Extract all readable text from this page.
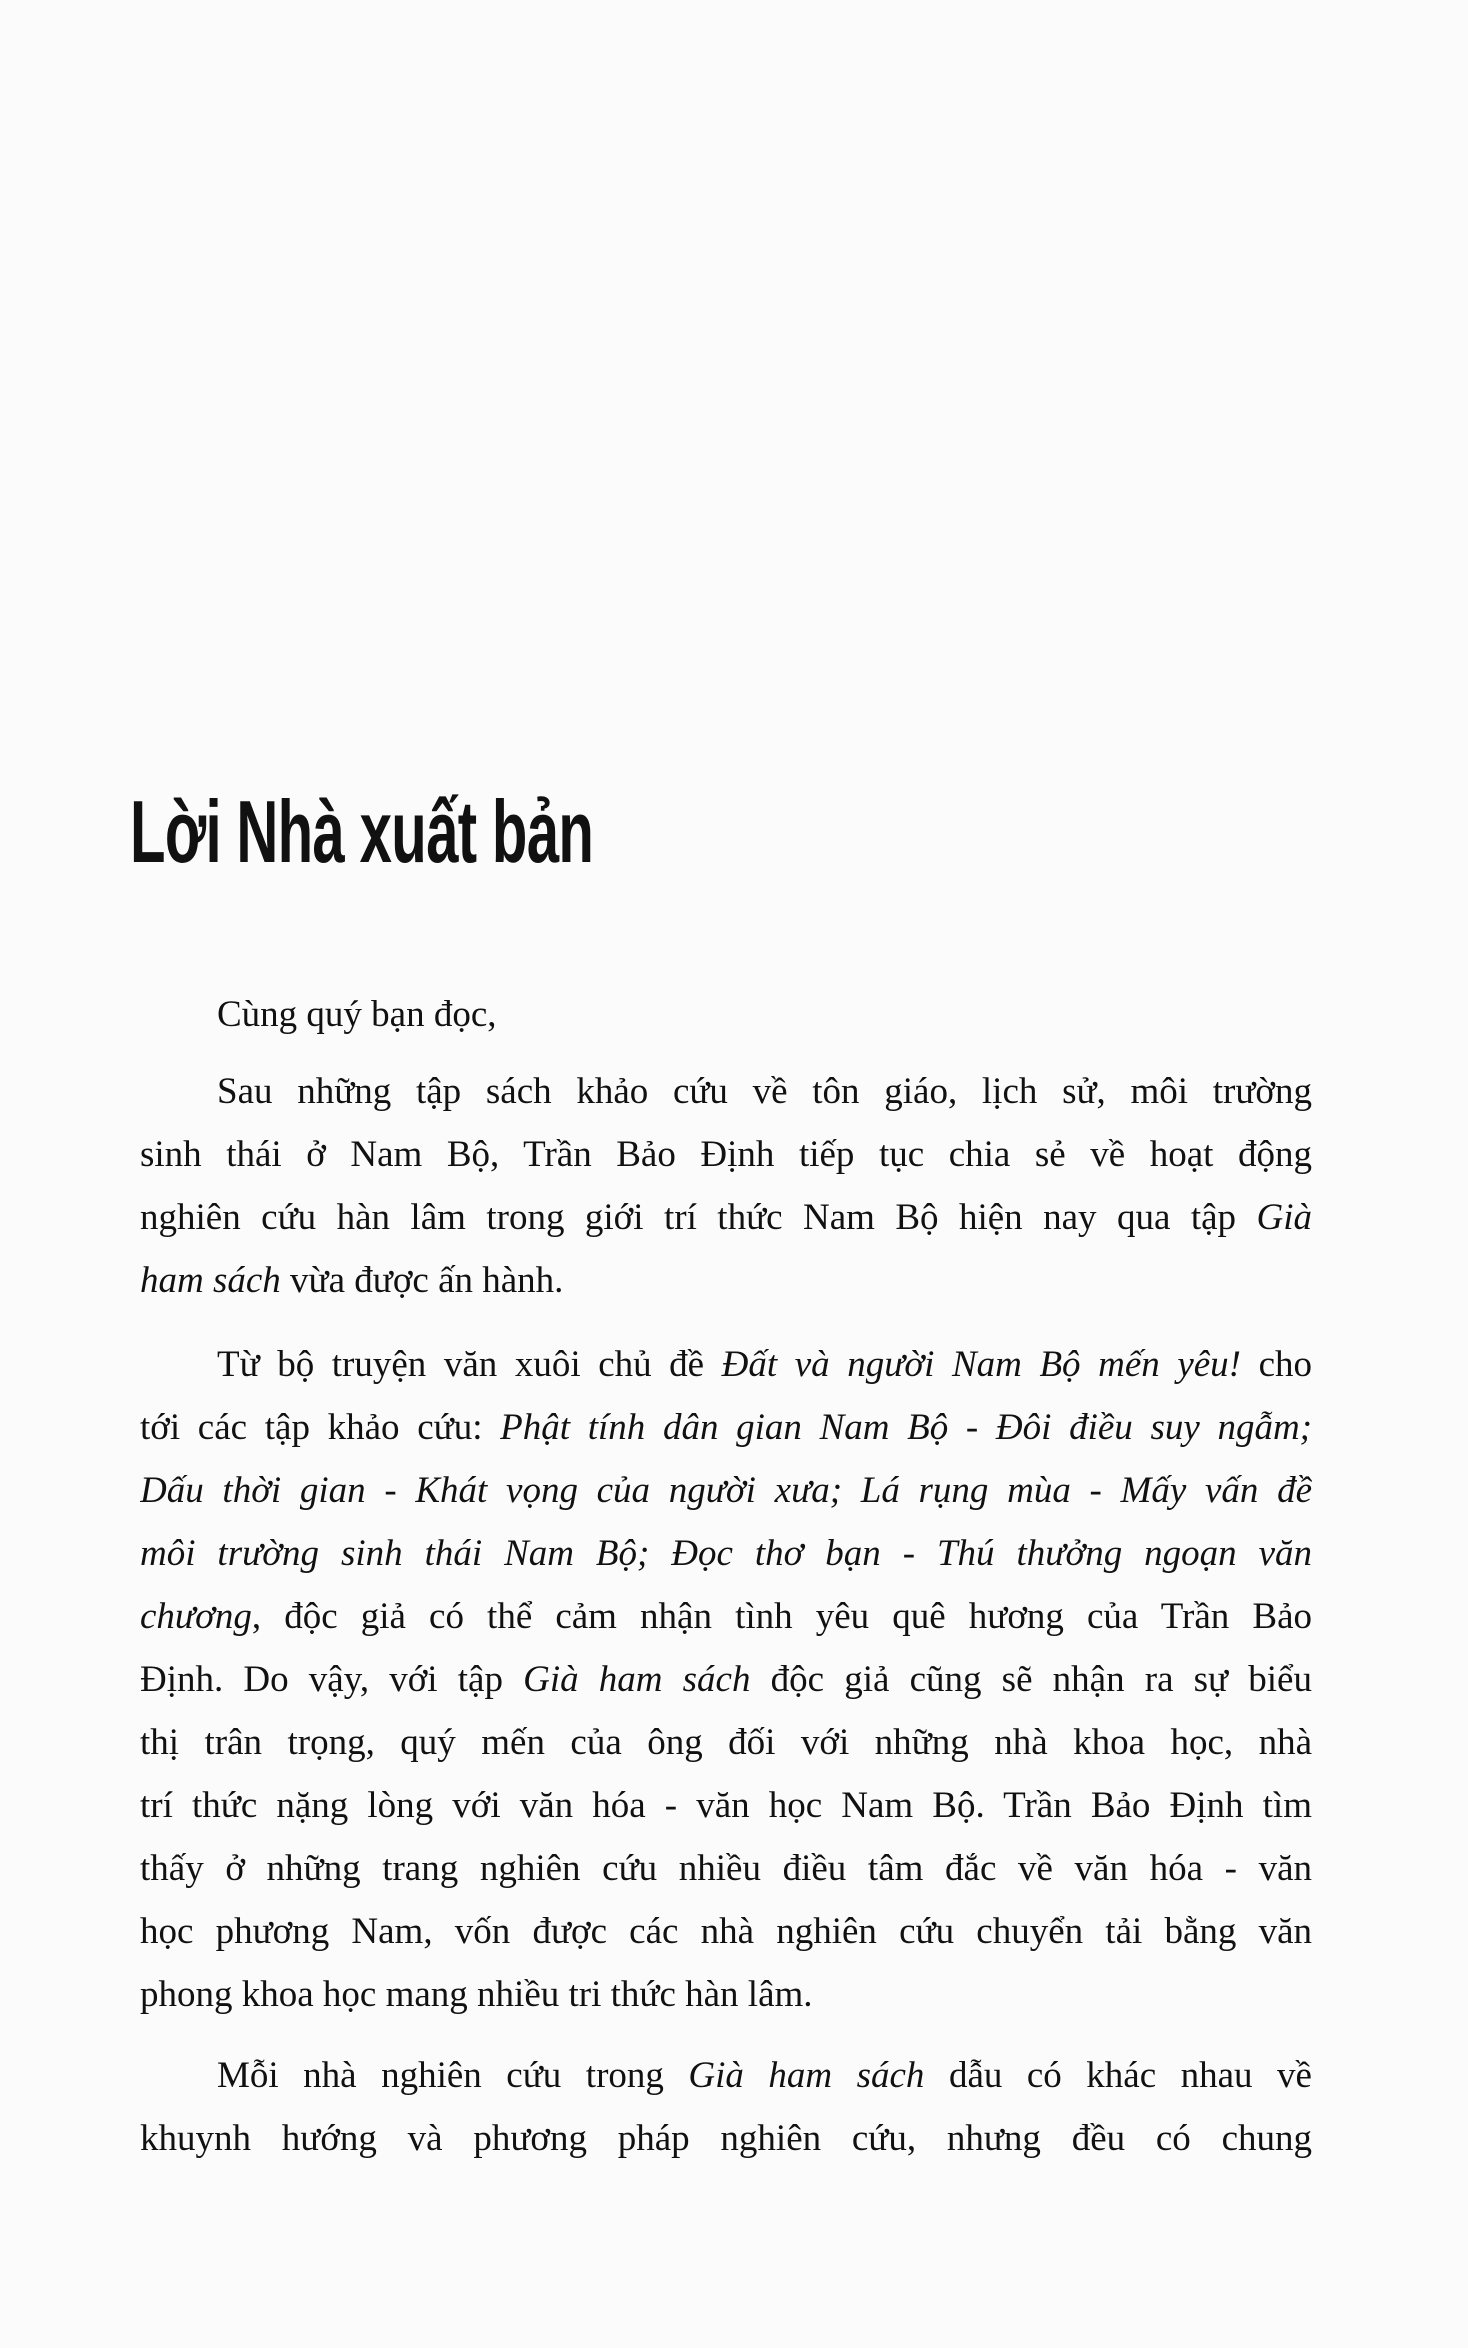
Lời Nhà xuất bản
Cùng quý bạn đọc,
Sau những tập sách khảo cứu về tôn giáo, lịch sử, môi trường
sinh thái ở Nam Bộ, Trần Bảo Định tiếp tục chia sẻ về hoạt động
nghiên cứu hàn lâm trong giới trí thức Nam Bộ hiện nay qua tập Già
ham sách vừa được ấn hành.
Từ bộ truyện văn xuôi chủ đề Đất và người Nam Bộ mến yêu! cho
tới các tập khảo cứu: Phật tính dân gian Nam Bộ - Đôi điều suy ngẫm;
Dấu thời gian - Khát vọng của người xưa; Lá rụng mùa - Mấy vấn đề
môi trường sinh thái Nam Bộ; Đọc thơ bạn - Thú thưởng ngoạn văn
chương, độc giả có thể cảm nhận tình yêu quê hương của Trần Bảo
Định. Do vậy, với tập Già ham sách độc giả cũng sẽ nhận ra sự biểu
thị trân trọng, quý mến của ông đối với những nhà khoa học, nhà
trí thức nặng lòng với văn hóa - văn học Nam Bộ. Trần Bảo Định tìm
thấy ở những trang nghiên cứu nhiều điều tâm đắc về văn hóa - văn
học phương Nam, vốn được các nhà nghiên cứu chuyển tải bằng văn
phong khoa học mang nhiều tri thức hàn lâm.
Mỗi nhà nghiên cứu trong Già ham sách dẫu có khác nhau về
khuynh hướng và phương pháp nghiên cứu, nhưng đều có chung
